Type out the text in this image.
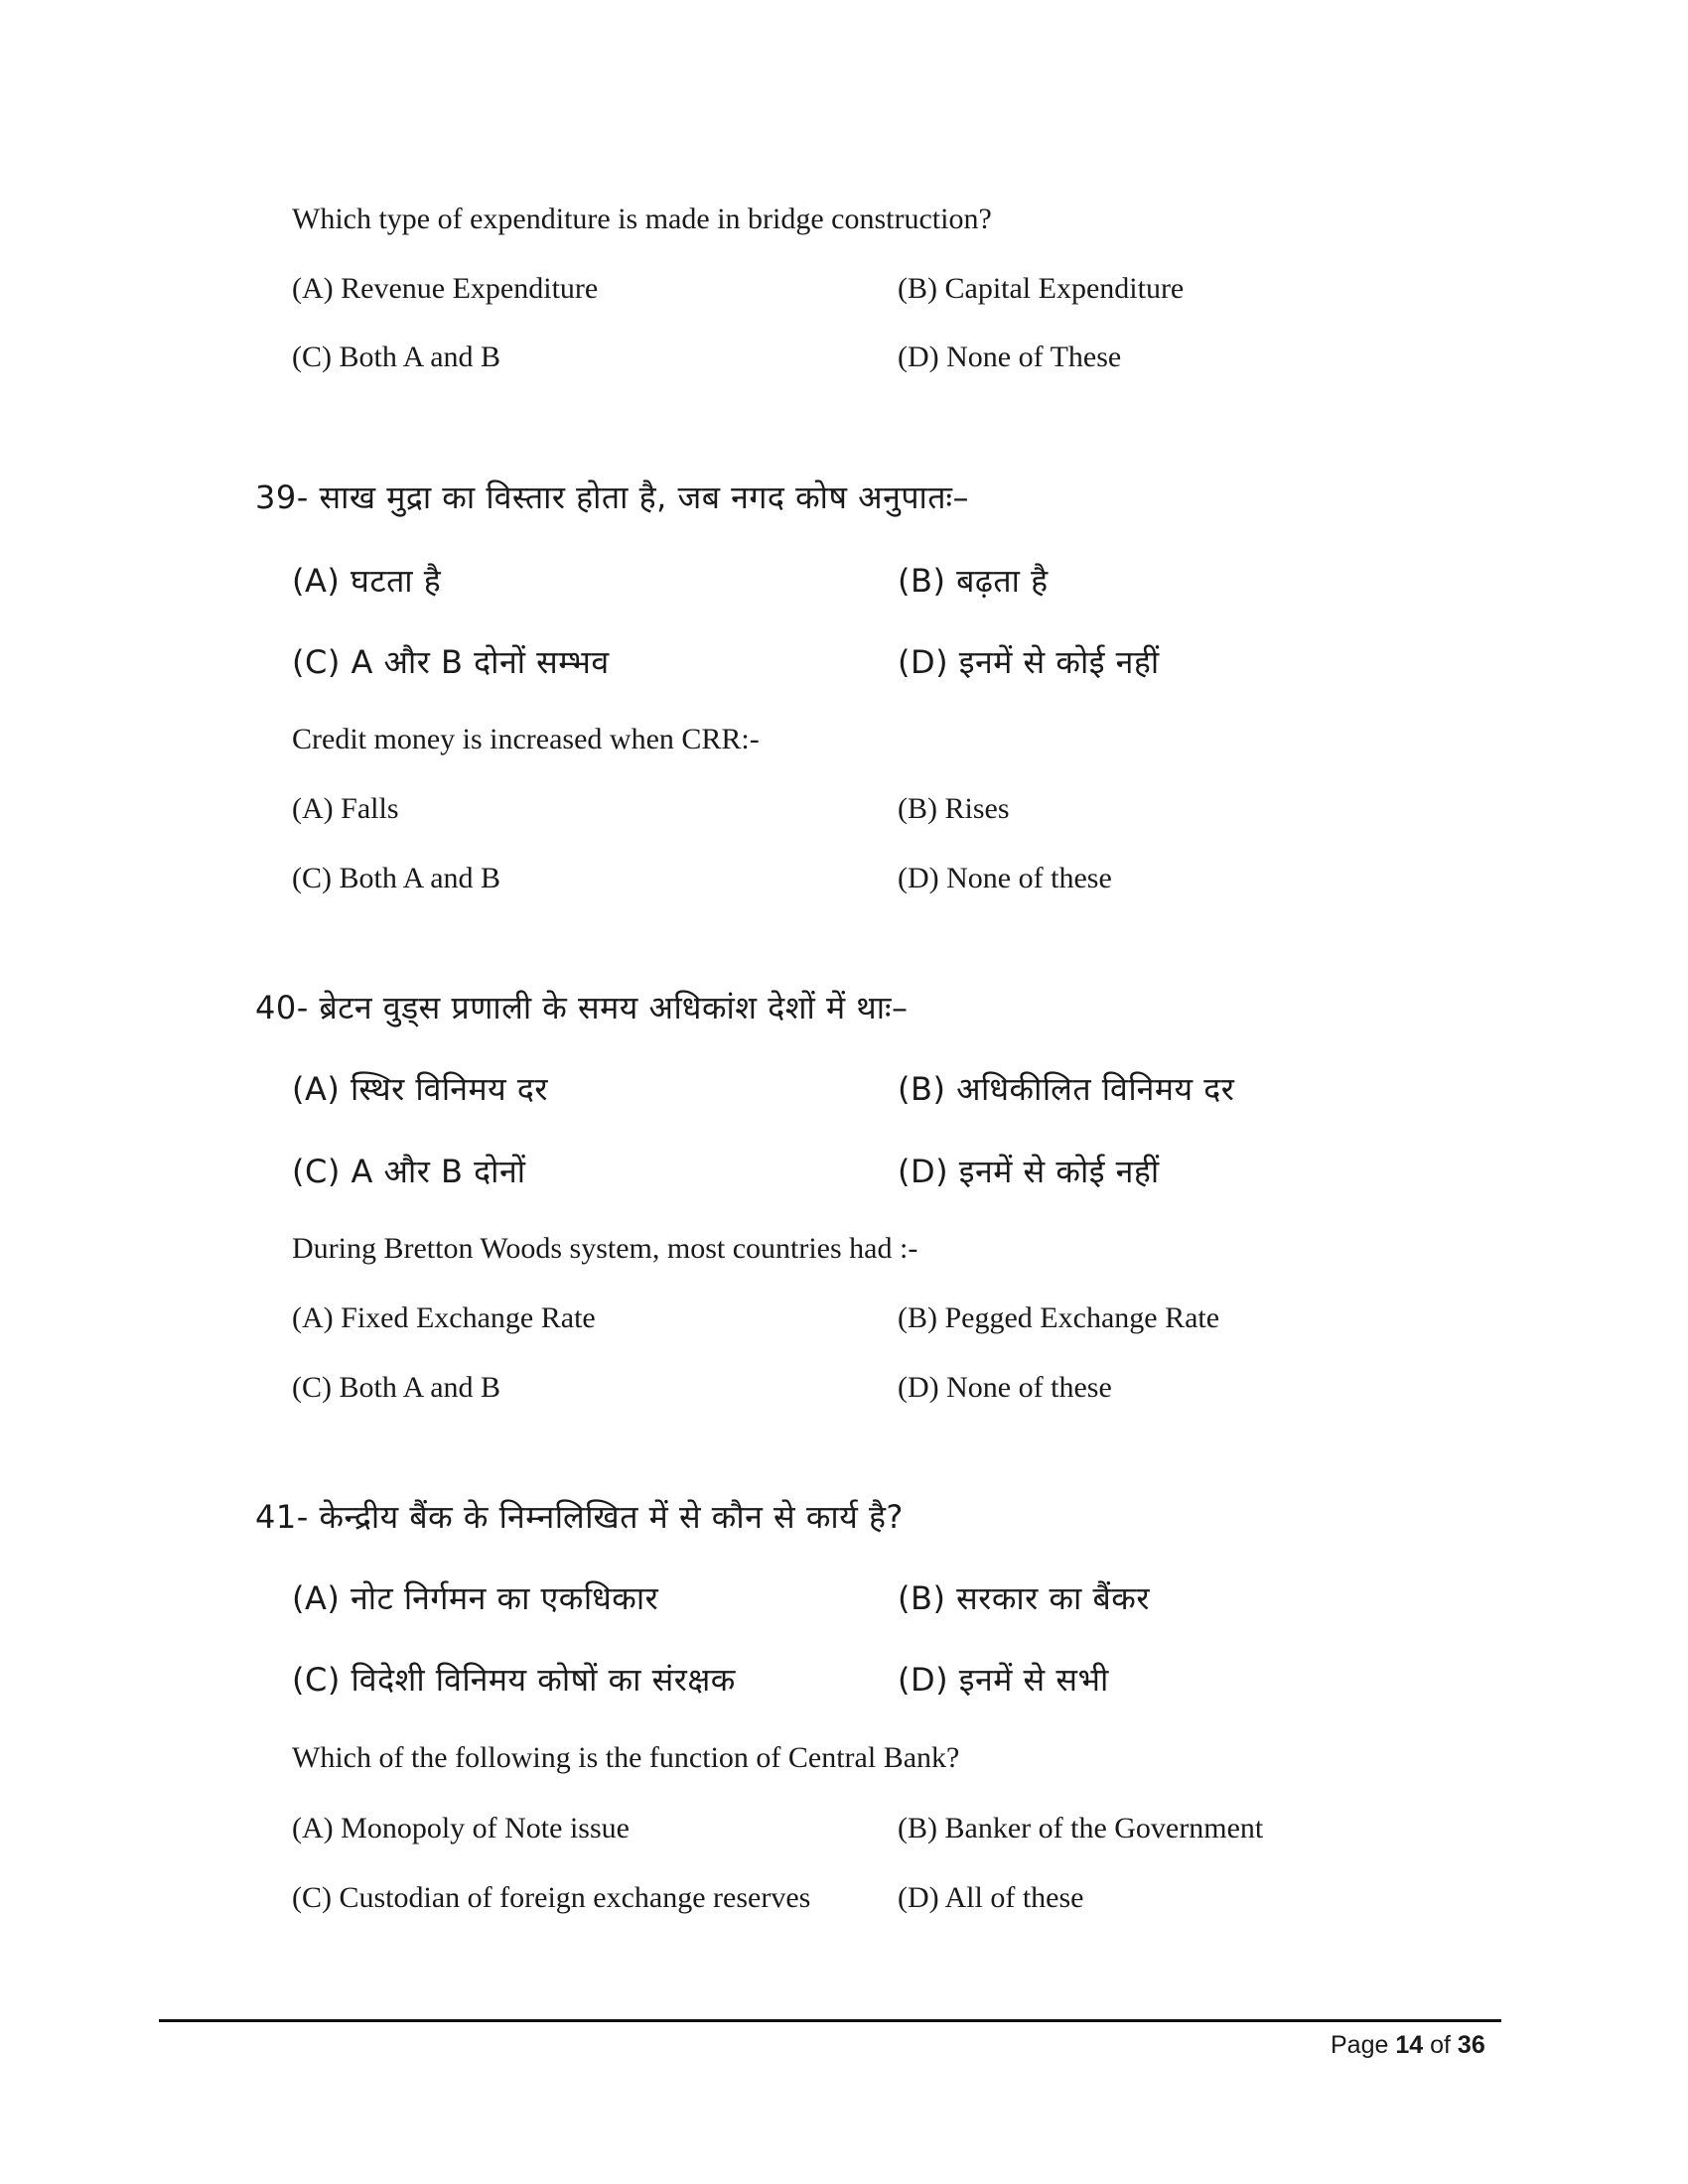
Which type of expenditure is made in bridge construction?
(A) Revenue Expenditure	(B) Capital Expenditure
(C) Both A and B	(D) None of These
39- साख मुद्रा का विस्तार होता है, जब नगद कोष अनुपातः–
(A) घटता है	(B) बढ़ता है
(C) A और B दोनों सम्भव	(D) इनमें से कोई नहीं
Credit money is increased when CRR:-
(A) Falls	(B) Rises
(C) Both A and B	(D) None of these
40- ब्रेटन वुड्स प्रणाली के समय अधिकांश देशों में थाः–
(A) स्थिर विनिमय दर	(B) अधिकीलित विनिमय दर
(C) A और B दोनों	(D) इनमें से कोई नहीं
During Bretton Woods system, most countries had :-
(A) Fixed Exchange Rate	(B) Pegged Exchange Rate
(C) Both A and B	(D) None of these
41- केन्द्रीय बैंक के निम्नलिखित में से कौन से कार्य है?
(A) नोट निर्गमन का एकधिकार	(B) सरकार का बैंकर
(C) विदेशी विनिमय कोषों का संरक्षक	(D) इनमें से सभी
Which of the following is the function of Central Bank?
(A) Monopoly of Note issue	(B) Banker of the Government
(C) Custodian of foreign exchange reserves	(D) All of these
Page 14 of 36
